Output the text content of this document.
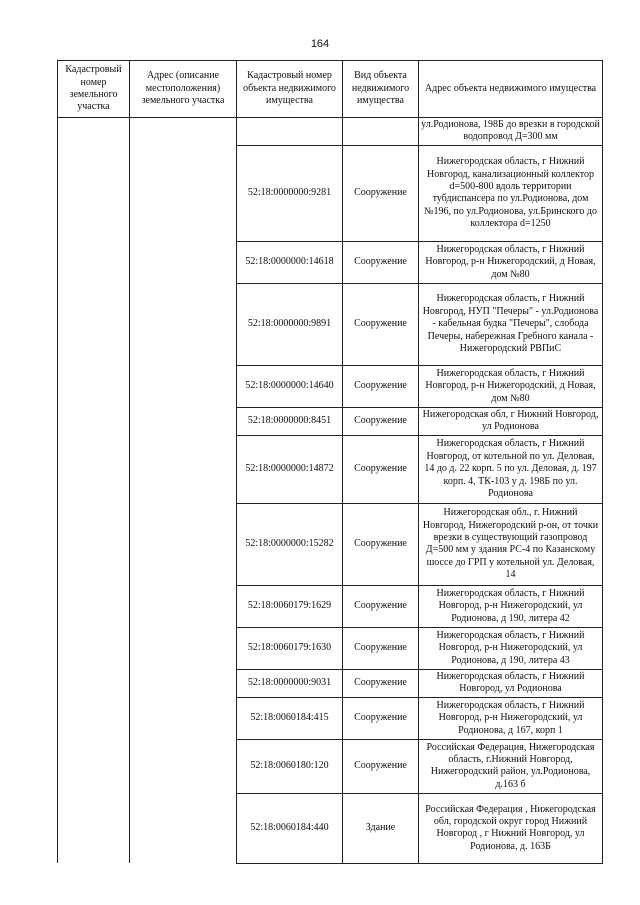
164
Кадастровый номер земельного участка	Адрес (описание местоположения) земельного участка	Кадастровый номер объекта недвижимого имущества	Вид объекта недвижимого имущества	Адрес объекта недвижимого имущества
				ул.Родионова, 198Б до врезки в городской водопровод Д=300 мм
		52:18:0000000:9281	Сооружение	Нижегородская область, г Нижний Новгород, канализационный коллектор d=500-800 вдоль территории тубдиспансера по ул.Родионова, дом №196, по ул.Родионова, ул.Бринского до коллектора d=1250
		52:18:0000000:14618	Сооружение	Нижегородская область, г Нижний Новгород, р-н Нижегородский, д Новая, дом №80
		52:18:0000000:9891	Сооружение	Нижегородская область, г Нижний Новгород, НУП "Печеры" - ул.Родионова - кабельная будка "Печеры", слобода Печеры, набережная Гребного канала - Нижегородский РВПиС
		52:18:0000000:14640	Сооружение	Нижегородская область, г Нижний Новгород, р-н Нижегородский, д Новая, дом №80
		52:18:0000000:8451	Сооружение	Нижегородская обл, г Нижний Новгород, ул Родионова
		52:18:0000000:14872	Сооружение	Нижегородская область, г Нижний Новгород, от котельной по ул. Деловая, 14 до д. 22 корп. 5 по ул. Деловая, д. 197 корп. 4, ТК-103 у д. 198Б по ул. Родионова
		52:18:0000000:15282	Сооружение	Нижегородская обл., г. Нижний Новгород, Нижегородский р-он, от точки врезки в существующий газопровод Д=500 мм у здания РС-4 по Казанскому шоссе до ГРП у котельной ул. Деловая, 14
		52:18:0060179:1629	Сооружение	Нижегородская область, г Нижний Новгород, р-н Нижегородский, ул Родионова, д 190, литера 42
		52:18:0060179:1630	Сооружение	Нижегородская область, г Нижний Новгород, р-н Нижегородский, ул Родионова, д 190, литера 43
		52:18:0000000:9031	Сооружение	Нижегородская область, г Нижний Новгород, ул Родионова
		52:18:0060184:415	Сооружение	Нижегородская область, г Нижний Новгород, р-н Нижегородский, ул Родионова, д 167, корп 1
		52:18:0060180:120	Сооружение	Российская Федерация, Нижегородская область, г.Нижний Новгород, Нижегородский район, ул.Родионова, д.163 б
		52:18:0060184:440	Здание	Российская Федерация , Нижегородская обл, городской округ город Нижний Новгород , г Нижний Новгород, ул Родионова, д. 163Б
